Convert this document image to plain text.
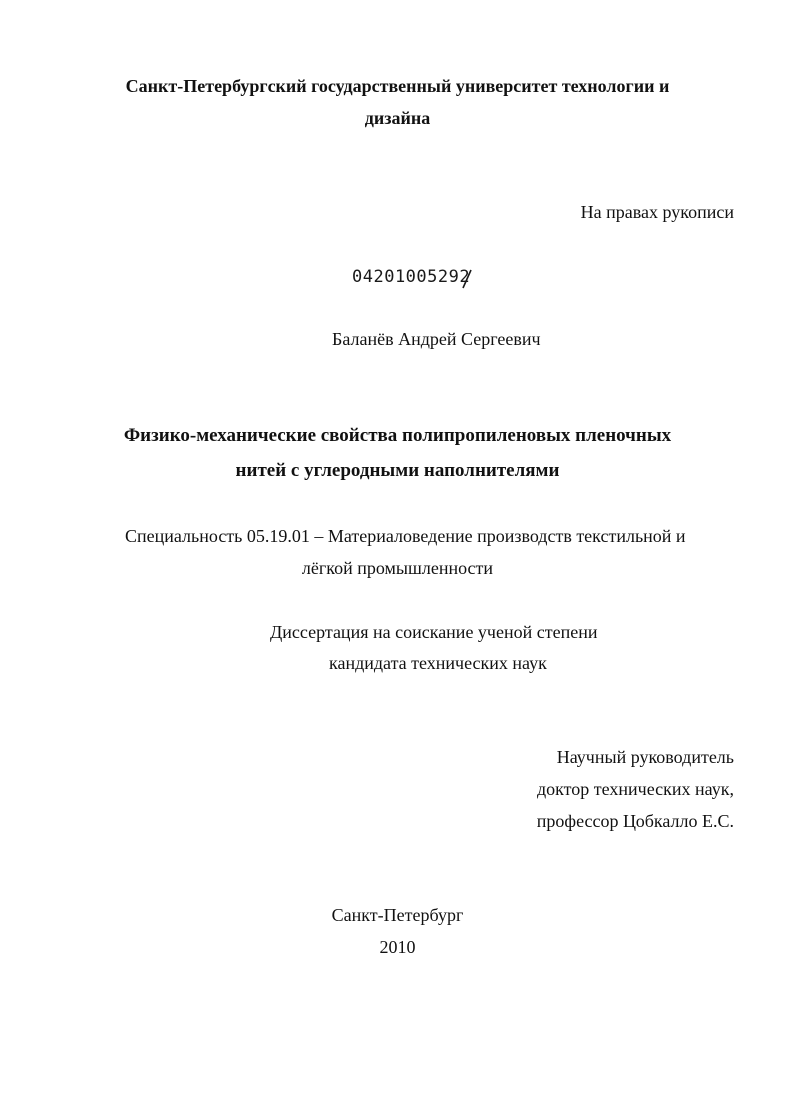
Санкт-Петербургский государственный университет технологии и
дизайна
На правах рукописи
04201005292
Баланёв Андрей Сергеевич
Физико-механические свойства полипропиленовых пленочных
нитей с углеродными наполнителями
Специальность 05.19.01 – Материаловедение производств текстильной и
лёгкой промышленности
Диссертация на соискание ученой степени
кандидата технических наук
Научный руководитель
доктор технических наук,
профессор Цобкалло Е.С.
Санкт-Петербург
2010
